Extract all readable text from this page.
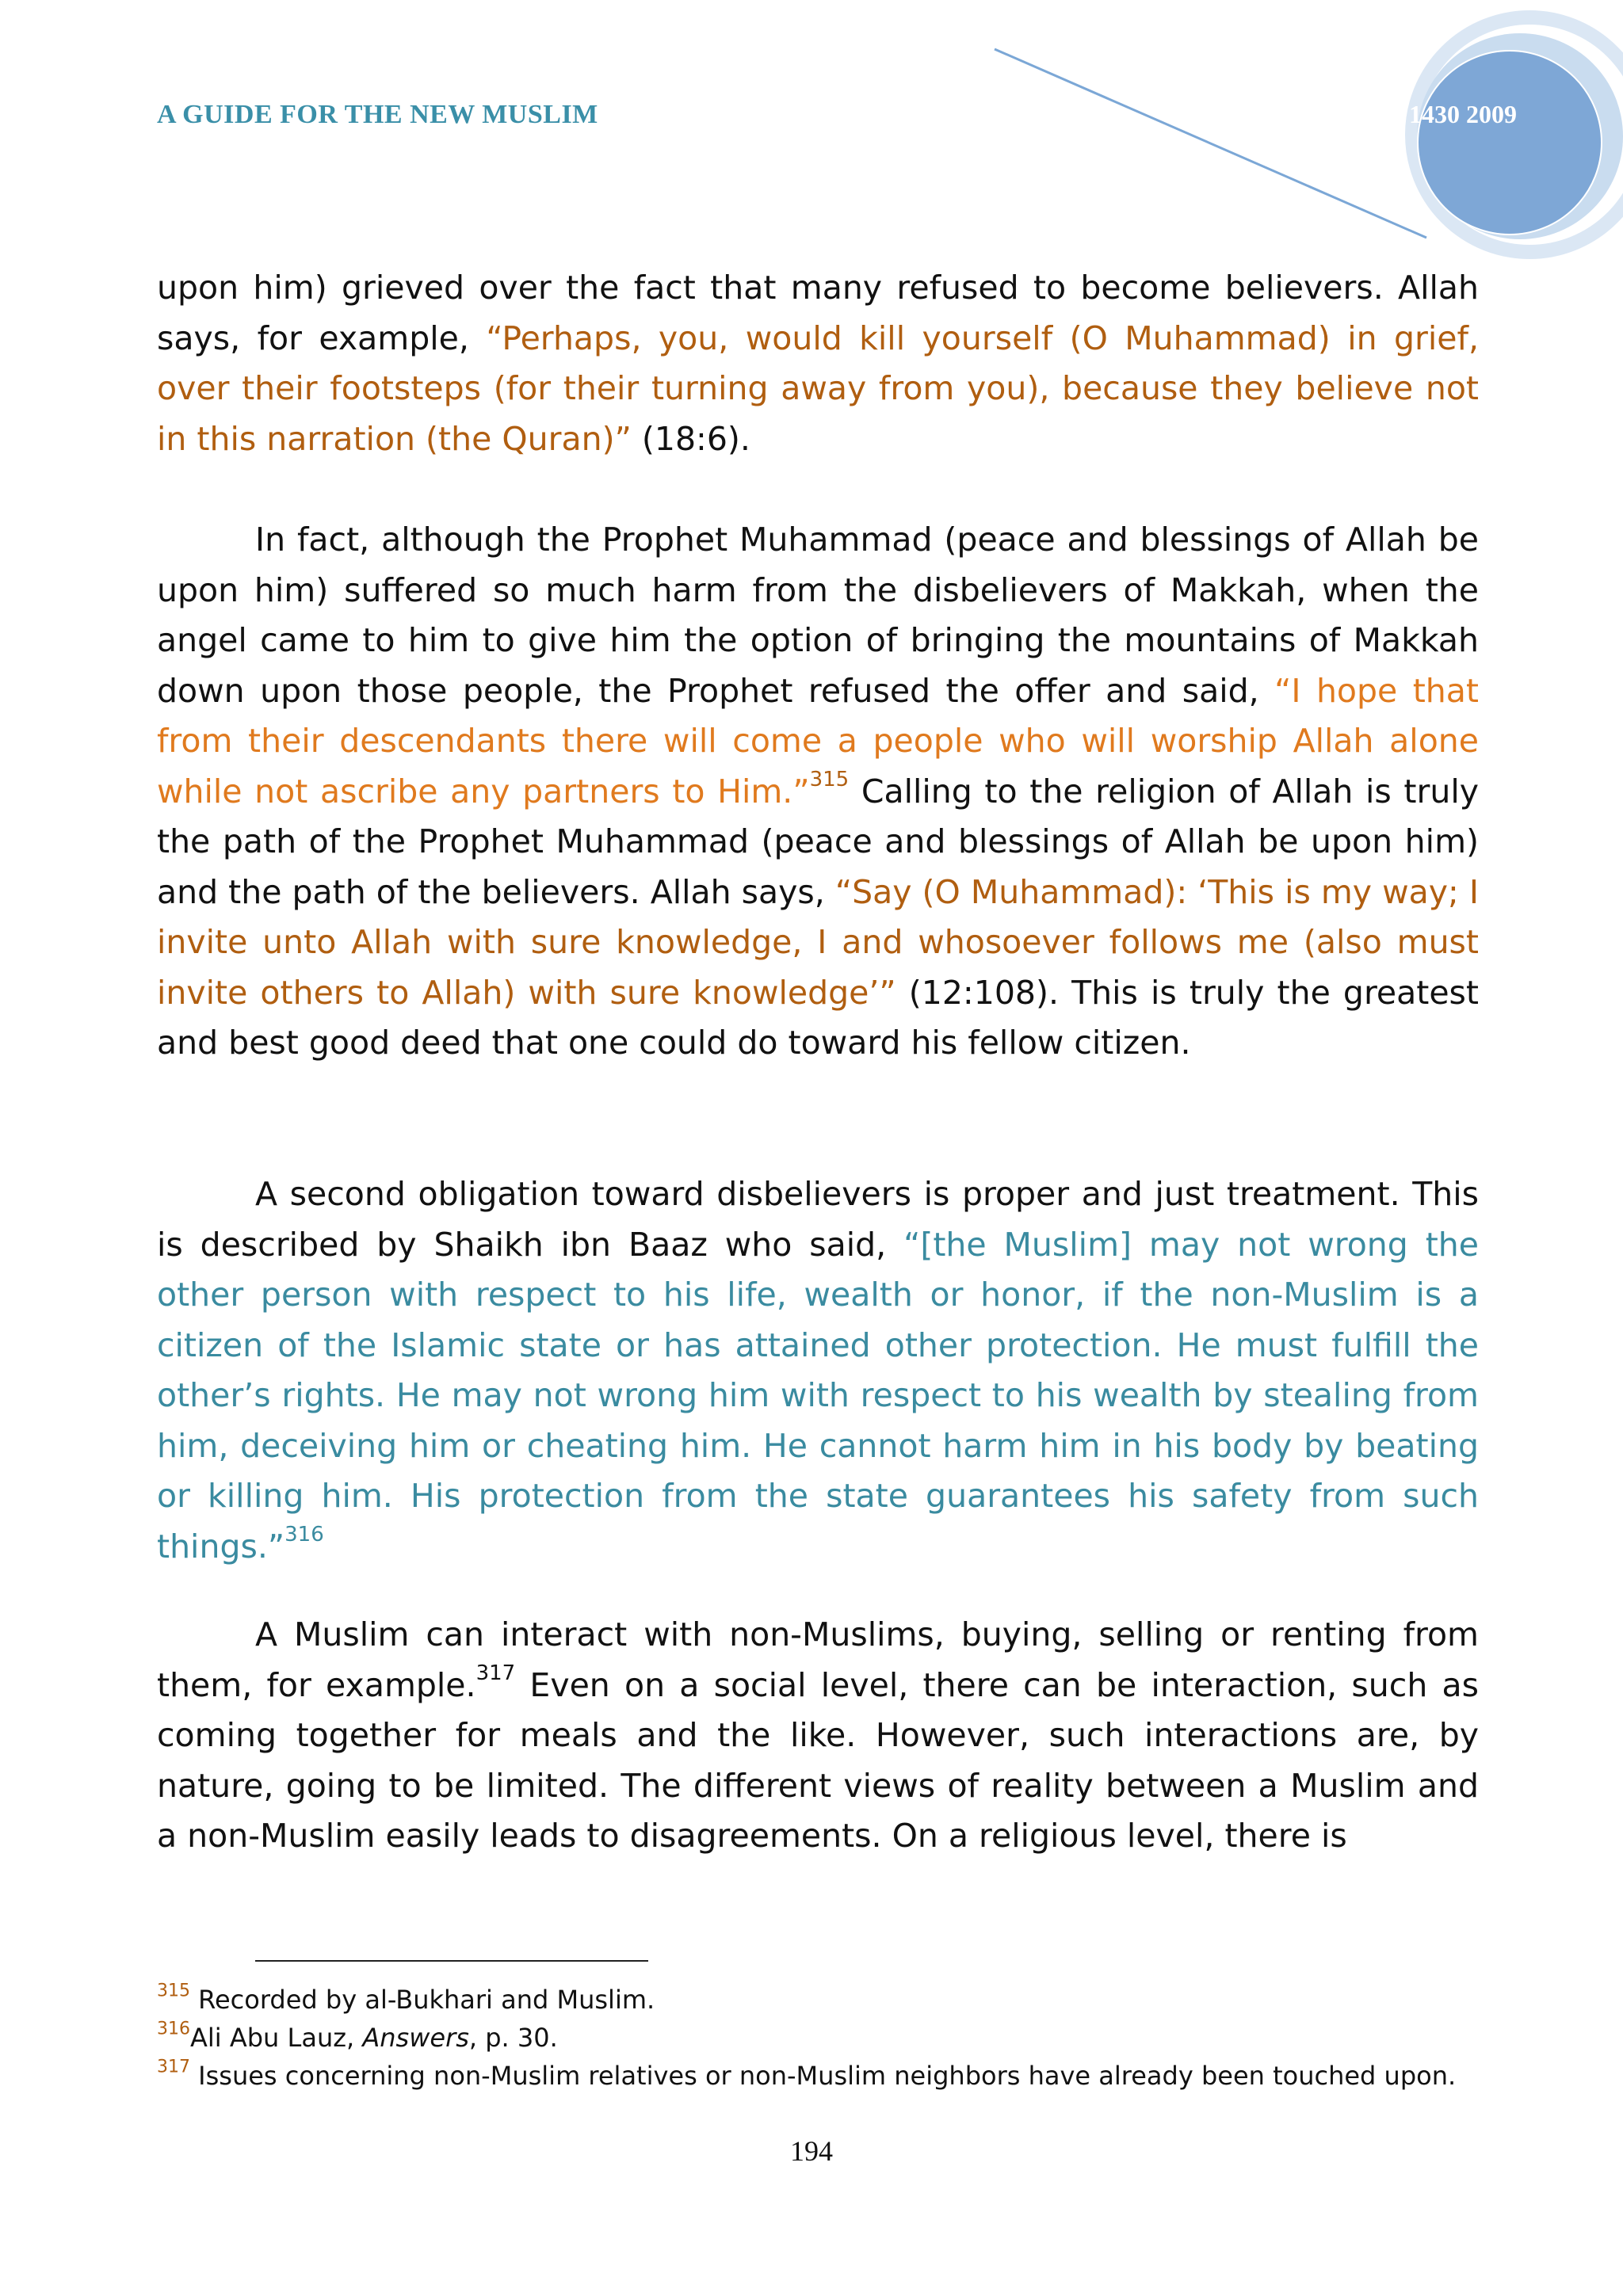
A GUIDE FOR THE NEW MUSLIM	1430 2009

upon him) grieved over the fact that many refused to become believers. Allah says, for example, “Perhaps, you, would kill yourself (O Muhammad) in grief, over their footsteps (for their turning away from you), because they believe not in this narration (the Quran)” (18:6).

In fact, although the Prophet Muhammad (peace and blessings of Allah be upon him) suffered so much harm from the disbelievers of Makkah, when the angel came to him to give him the option of bringing the mountains of Makkah down upon those people, the Prophet refused the offer and said, “I hope that from their descendants there will come a people who will worship Allah alone while not ascribe any partners to Him.”$^{315}$ Calling to the religion of Allah is truly the path of the Prophet Muhammad (peace and blessings of Allah be upon him) and the path of the believers. Allah says, “Say (O Muhammad): ‘This is my way; I invite unto Allah with sure knowledge, I and whosoever follows me (also must invite others to Allah) with sure knowledge’” (12:108). This is truly the greatest and best good deed that one could do toward his fellow citizen.

A second obligation toward disbelievers is proper and just treatment. This is described by Shaikh ibn Baaz who said, “[the Muslim] may not wrong the other person with respect to his life, wealth or honor, if the non-Muslim is a citizen of the Islamic state or has attained other protection. He must fulfill the other’s rights. He may not wrong him with respect to his wealth by stealing from him, deceiving him or cheating him. He cannot harm him in his body by beating or killing him. His protection from the state guarantees his safety from such things.”$^{316}$

A Muslim can interact with non-Muslims, buying, selling or renting from them, for example.$^{317}$ Even on a social level, there can be interaction, such as coming together for meals and the like. However, such interactions are, by nature, going to be limited. The different views of reality between a Muslim and a non-Muslim easily leads to disagreements. On a religious level, there is

$^{315}$ Recorded by al-Bukhari and Muslim.

$^{316}$Ali Abu Lauz, Answers, p. 30.

$^{317}$ Issues concerning non-Muslim relatives or non-Muslim neighbors have already been touched upon.

194
